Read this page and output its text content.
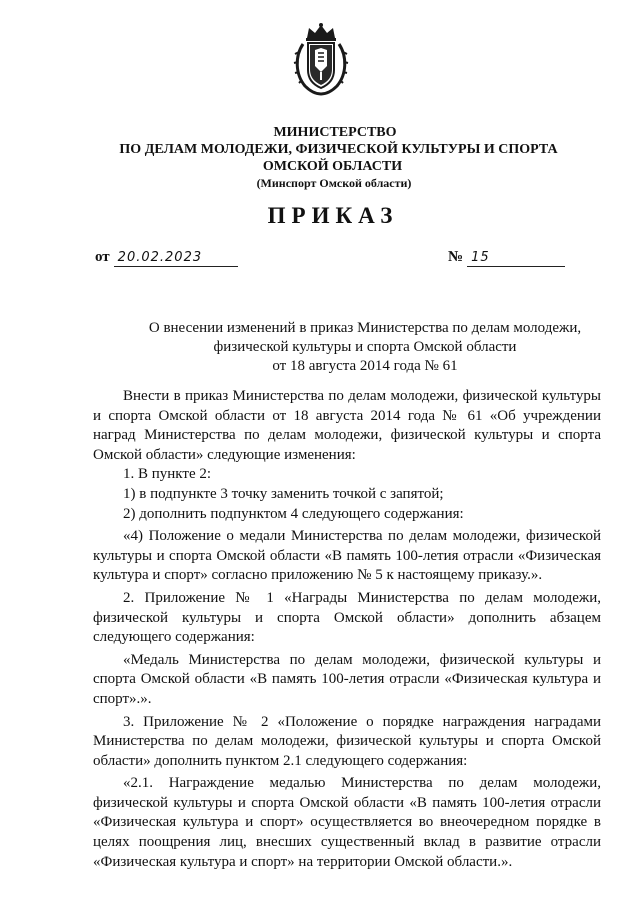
МИНИСТЕРСТВО
ПО ДЕЛАМ МОЛОДЕЖИ, ФИЗИЧЕСКОЙ КУЛЬТУРЫ И СПОРТА
ОМСКОЙ ОБЛАСТИ
(Минспорт Омской области)
ПРИКАЗ
от 20.02.2023	№ 15
О внесении изменений в приказ Министерства по делам молодежи,
физической культуры и спорта Омской области
от 18 августа 2014 года № 61

Внести в приказ Министерства по делам молодежи, физической культуры и спорта Омской области от 18 августа 2014 года № 61 «Об учреждении наград Министерства по делам молодежи, физической культуры и спорта Омской области» следующие изменения:

1. В пункте 2:

1) в подпункте 3 точку заменить точкой с запятой;

2) дополнить подпунктом 4 следующего содержания:

«4) Положение о медали Министерства по делам молодежи, физической культуры и спорта Омской области «В память 100-летия отрасли «Физическая культура и спорт» согласно приложению № 5 к настоящему приказу.».

2. Приложение № 1 «Награды Министерства по делам молодежи, физической культуры и спорта Омской области» дополнить абзацем следующего содержания:

«Медаль Министерства по делам молодежи, физической культуры и спорта Омской области «В память 100-летия отрасли «Физическая культура и спорт».».

3. Приложение № 2 «Положение о порядке награждения наградами Министерства по делам молодежи, физической культуры и спорта Омской области» дополнить пунктом 2.1 следующего содержания:

«2.1. Награждение медалью Министерства по делам молодежи, физической культуры и спорта Омской области «В память 100-летия отрасли «Физическая культура и спорт» осуществляется во внеочередном порядке в целях поощрения лиц, внесших существенный вклад в развитие отрасли «Физическая культура и спорт» на территории Омской области.».
